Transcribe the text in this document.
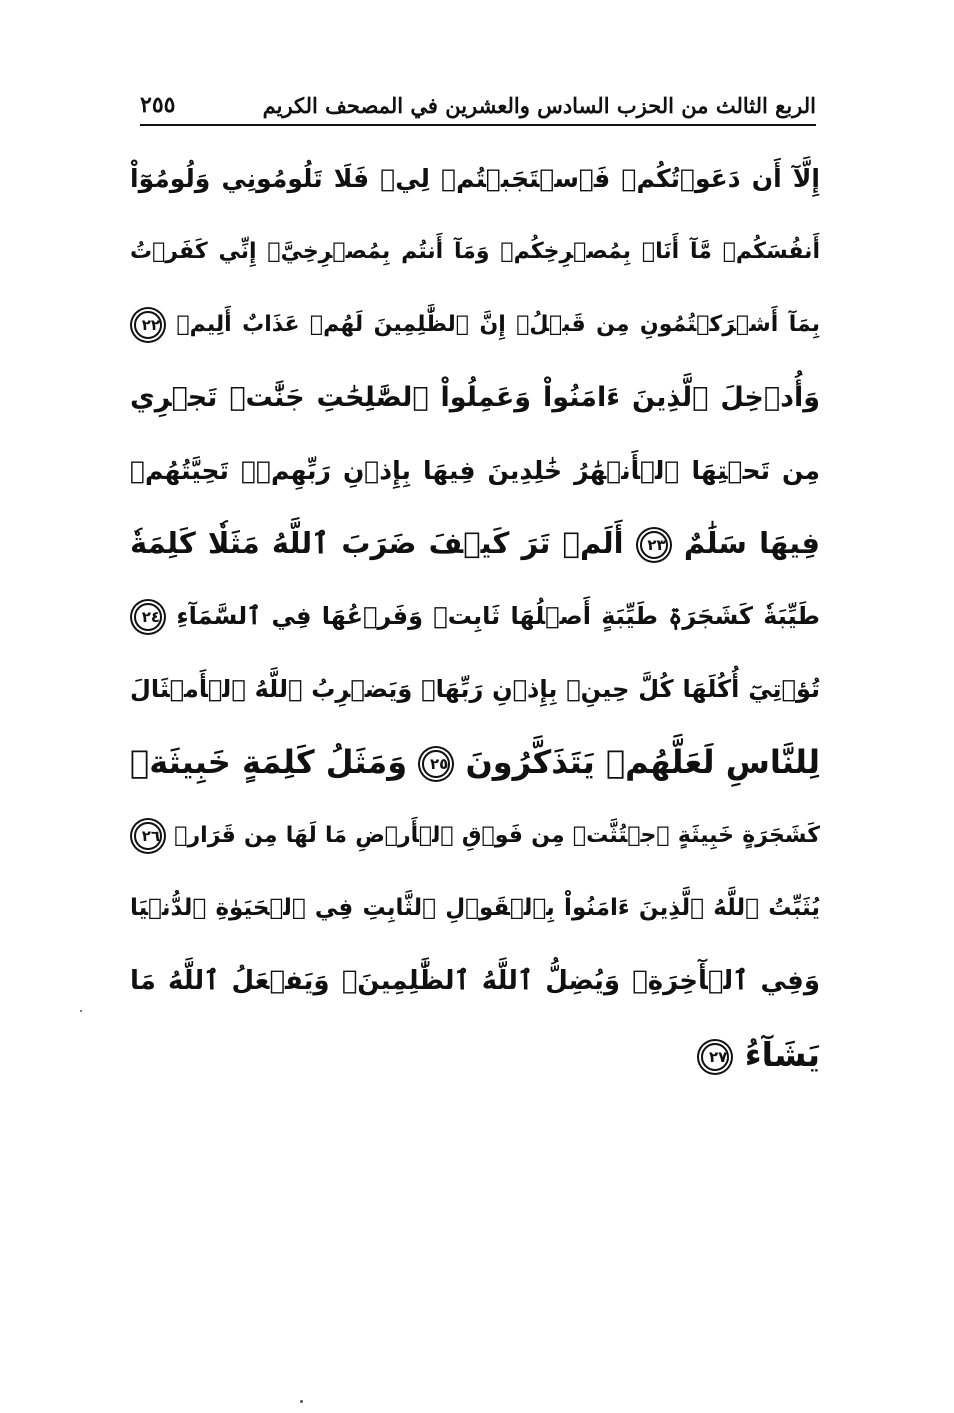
الربع الثالث من الحزب السادس والعشرين في المصحف الكريم
٢٥٥
إِلَّآ أَن دَعَوۡتُكُمۡ فَٱسۡتَجَبۡتُمۡ لِيۖ فَلَا تَلُومُونِي وَلُومُوٓاْ
أَنفُسَكُمۖ مَّآ أَنَا۠ بِمُصۡرِخِكُمۡ وَمَآ أَنتُم بِمُصۡرِخِيَّۖ إِنِّي كَفَرۡتُ
بِمَآ أَشۡرَكۡتُمُونِ مِن قَبۡلُۗ إِنَّ ٱلظَّٰلِمِينَ لَهُمۡ عَذَابٌ أَلِيمٞ ٢٢
وَأُدۡخِلَ ٱلَّذِينَ ءَامَنُواْ وَعَمِلُواْ ٱلصَّٰلِحَٰتِ جَنَّٰتٖ تَجۡرِي
مِن تَحۡتِهَا ٱلۡأَنۡهَٰرُ خَٰلِدِينَ فِيهَا بِإِذۡنِ رَبِّهِمۡۖ تَحِيَّتُهُمۡ
فِيهَا سَلَٰمٌ ٢٣ أَلَمۡ تَرَ كَيۡفَ ضَرَبَ ٱللَّهُ مَثَلٗا كَلِمَةٗ
طَيِّبَةٗ كَشَجَرَةٖ طَيِّبَةٍ أَصۡلُهَا ثَابِتٞ وَفَرۡعُهَا فِي ٱلسَّمَآءِ ٢٤
تُؤۡتِيٓ أُكُلَهَا كُلَّ حِينِۭ بِإِذۡنِ رَبِّهَاۗ وَيَضۡرِبُ ٱللَّهُ ٱلۡأَمۡثَالَ
لِلنَّاسِ لَعَلَّهُمۡ يَتَذَكَّرُونَ ٢٥ وَمَثَلُ كَلِمَةٍ خَبِيثَةٖ
كَشَجَرَةٍ خَبِيثَةٍ ٱجۡتُثَّتۡ مِن فَوۡقِ ٱلۡأَرۡضِ مَا لَهَا مِن قَرَارٖ ٢٦
يُثَبِّتُ ٱللَّهُ ٱلَّذِينَ ءَامَنُواْ بِٱلۡقَوۡلِ ٱلثَّابِتِ فِي ٱلۡحَيَوٰةِ ٱلدُّنۡيَا
وَفِي ٱلۡأٓخِرَةِۖ وَيُضِلُّ ٱللَّهُ ٱلظَّٰلِمِينَۚ وَيَفۡعَلُ ٱللَّهُ مَا
يَشَآءُ ٢٧
